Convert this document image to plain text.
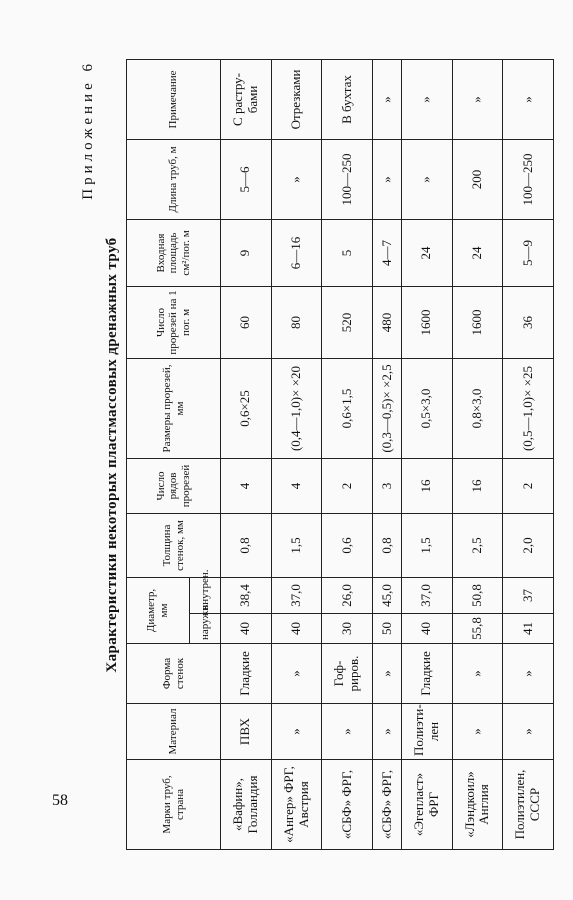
58
Приложение 6
Характеристики некоторых пластмассовых дренажных труб
Марки труб, страна	Материал	Форма стенок	Диаметр, мм		Толщина стенок, мм	Число рядов прорезей	Размеры прорезей, мм	Число прорезей на 1 пог. м	Входная площадь см²/пог. м	Длина труб, м	Примечание
			наружн.	внутрен.							
«Вафин», Голландия	ПВХ	Гладкие	40	38,4	0,8	4	0,6×25	60	9	5—6	С растру-бами
«Ангер» ФРГ, Австрия	»	»	40	37,0	1,5	4	(0,4—1,0)× ×20	80	6—16	»	Отрезками
«СБФ» ФРГ,	»	Гоф-риров.	30	26,0	0,6	2	0,6×1,5	520	5	100—250	В бухтах
«СБФ» ФРГ,	»	»	50	45,0	0,8	3	(0,3—0,5)× ×2,5	480	4—7	»	»
«Эгепласт» ФРГ	Полиэти-лен	Гладкие	40	37,0	1,5	16	0,5×3,0	1600	24	»	»
«Лэндкоил» Англия	»	»	55,8	50,8	2,5	16	0,8×3,0	1600	24	200	»
Полиэтилен, СССР	»	»	41	37	2,0	2	(0,5—1,0)× ×25	36	5—9	100—250	»
